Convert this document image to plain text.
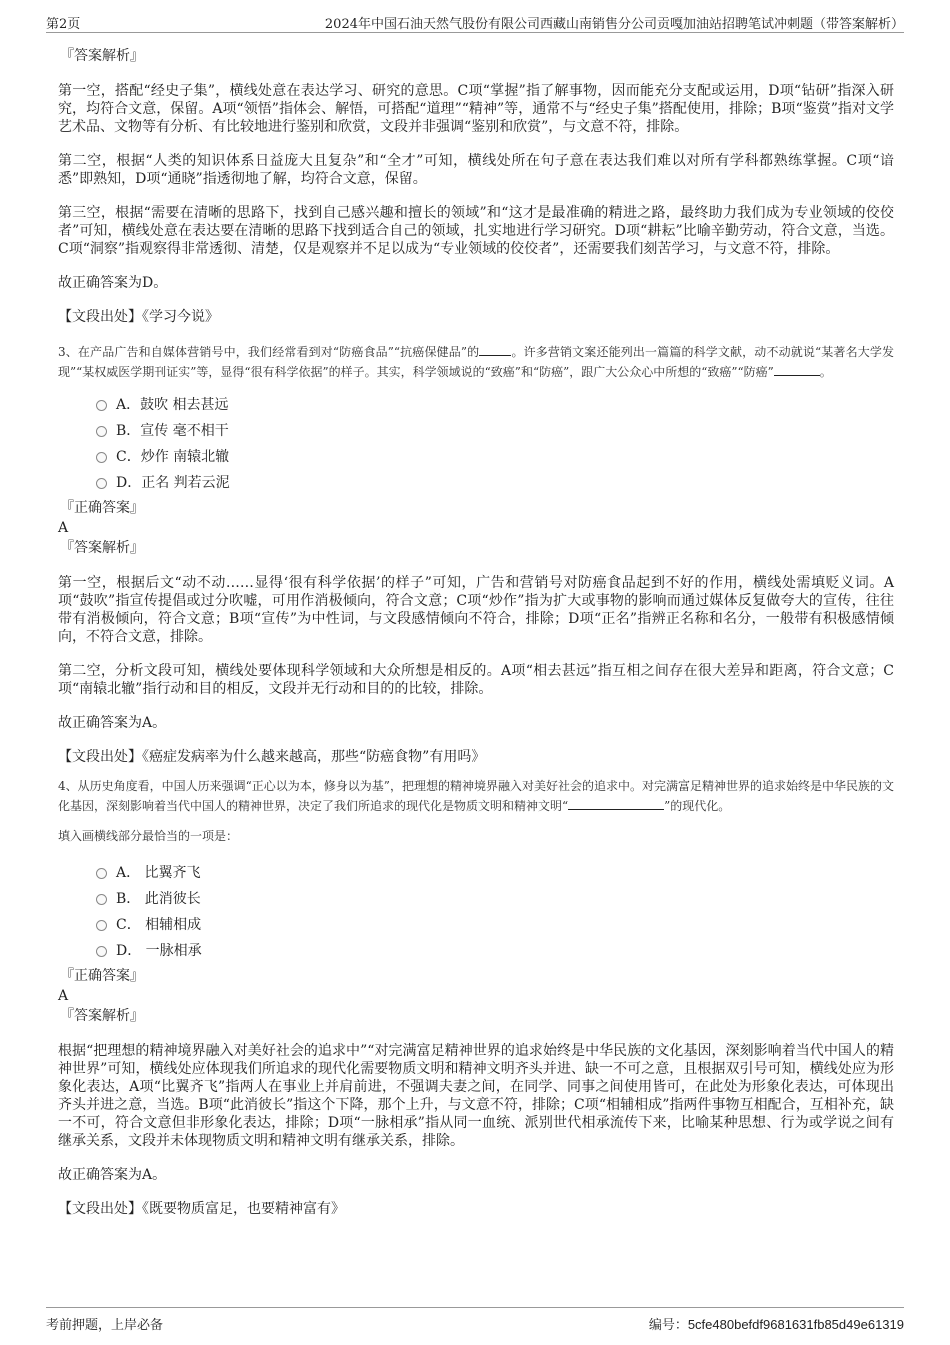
第2页	2024年中国石油天然气股份有限公司西藏山南销售分公司贡嘎加油站招聘笔试冲刺题（带答案解析）
『答案解析』

第一空，搭配“经史子集”，横线处意在表达学习、研究的意思。C项“掌握”指了解事物，因而能充分支配或运用，D项“钻研”指深入研究，均符合文意，保留。A项“领悟”指体会、解悟，可搭配“道理”“精神”等，通常不与“经史子集”搭配使用，排除；B项“鉴赏”指对文学艺术品、文物等有分析、有比较地进行鉴别和欣赏，文段并非强调“鉴别和欣赏”，与文意不符，排除。

第二空，根据“人类的知识体系日益庞大且复杂”和“全才”可知，横线处所在句子意在表达我们难以对所有学科都熟练掌握。C项“谙悉”即熟知，D项“通晓”指透彻地了解，均符合文意，保留。

第三空，根据“需要在清晰的思路下，找到自己感兴趣和擅长的领域”和“这才是最准确的精进之路，最终助力我们成为专业领域的佼佼者”可知，横线处意在表达要在清晰的思路下找到适合自己的领域，扎实地进行学习研究。D项“耕耘”比喻辛勤劳动，符合文意，当选。C项“洞察”指观察得非常透彻、清楚，仅是观察并不足以成为“专业领域的佼佼者”，还需要我们刻苦学习，与文意不符，排除。

故正确答案为D。

【文段出处】《学习今说》

3、在产品广告和自媒体营销号中，我们经常看到对“防癌食品”“抗癌保健品”的	。许多营销文案还能列出一篇篇的科学文献，动不动就说“某著名大学发现”“某权威医学期刊证实”等，显得“很有科学依据”的样子。其实，科学领域说的“致癌”和“防癌”，跟广大公众心中所想的“致癌”“防癌”	。

A．鼓吹 相去甚远
B．宣传 毫不相干
C．炒作 南辕北辙
D．正名 判若云泥
『正确答案』
A
『答案解析』

第一空，根据后文“动不动……显得‘很有科学依据’的样子”可知，广告和营销号对防癌食品起到不好的作用，横线处需填贬义词。A项“鼓吹”指宣传提倡或过分吹嘘，可用作消极倾向，符合文意；C项“炒作”指为扩大或事物的影响而通过媒体反复做夸大的宣传，往往带有消极倾向，符合文意；B项“宣传”为中性词，与文段感情倾向不符合，排除；D项“正名”指辨正名称和名分，一般带有积极感情倾向，不符合文意，排除。

第二空，分析文段可知，横线处要体现科学领域和大众所想是相反的。A项“相去甚远”指互相之间存在很大差异和距离，符合文意；C项“南辕北辙”指行动和目的相反，文段并无行动和目的的比较，排除。

故正确答案为A。

【文段出处】《癌症发病率为什么越来越高，那些“防癌食物”有用吗》

4、从历史角度看，中国人历来强调“正心以为本，修身以为基”，把理想的精神境界融入对美好社会的追求中。对完满富足精神世界的追求始终是中华民族的文化基因，深刻影响着当代中国人的精神世界，决定了我们所追求的现代化是物质文明和精神文明“	”的现代化。

填入画横线部分最恰当的一项是：

A． 比翼齐飞
B． 此消彼长
C． 相辅相成
D． 一脉相承
『正确答案』
A
『答案解析』

根据“把理想的精神境界融入对美好社会的追求中”“对完满富足精神世界的追求始终是中华民族的文化基因，深刻影响着当代中国人的精神世界”可知，横线处应体现我们所追求的现代化需要物质文明和精神文明齐头并进、缺一不可之意，且根据双引号可知，横线处应为形象化表达，A项“比翼齐飞”指两人在事业上并肩前进，不强调夫妻之间，在同学、同事之间使用皆可，在此处为形象化表达，可体现出齐头并进之意，当选。B项“此消彼长”指这个下降，那个上升，与文意不符，排除；C项“相辅相成”指两件事物互相配合，互相补充，缺一不可，符合文意但非形象化表达，排除；D项“一脉相承”指从同一血统、派别世代相承流传下来，比喻某种思想、行为或学说之间有继承关系，文段并未体现物质文明和精神文明有继承关系，排除。

故正确答案为A。

【文段出处】《既要物质富足，也要精神富有》

考前押题，上岸必备	编号：5cfe480befdf9681631fb85d49e61319
